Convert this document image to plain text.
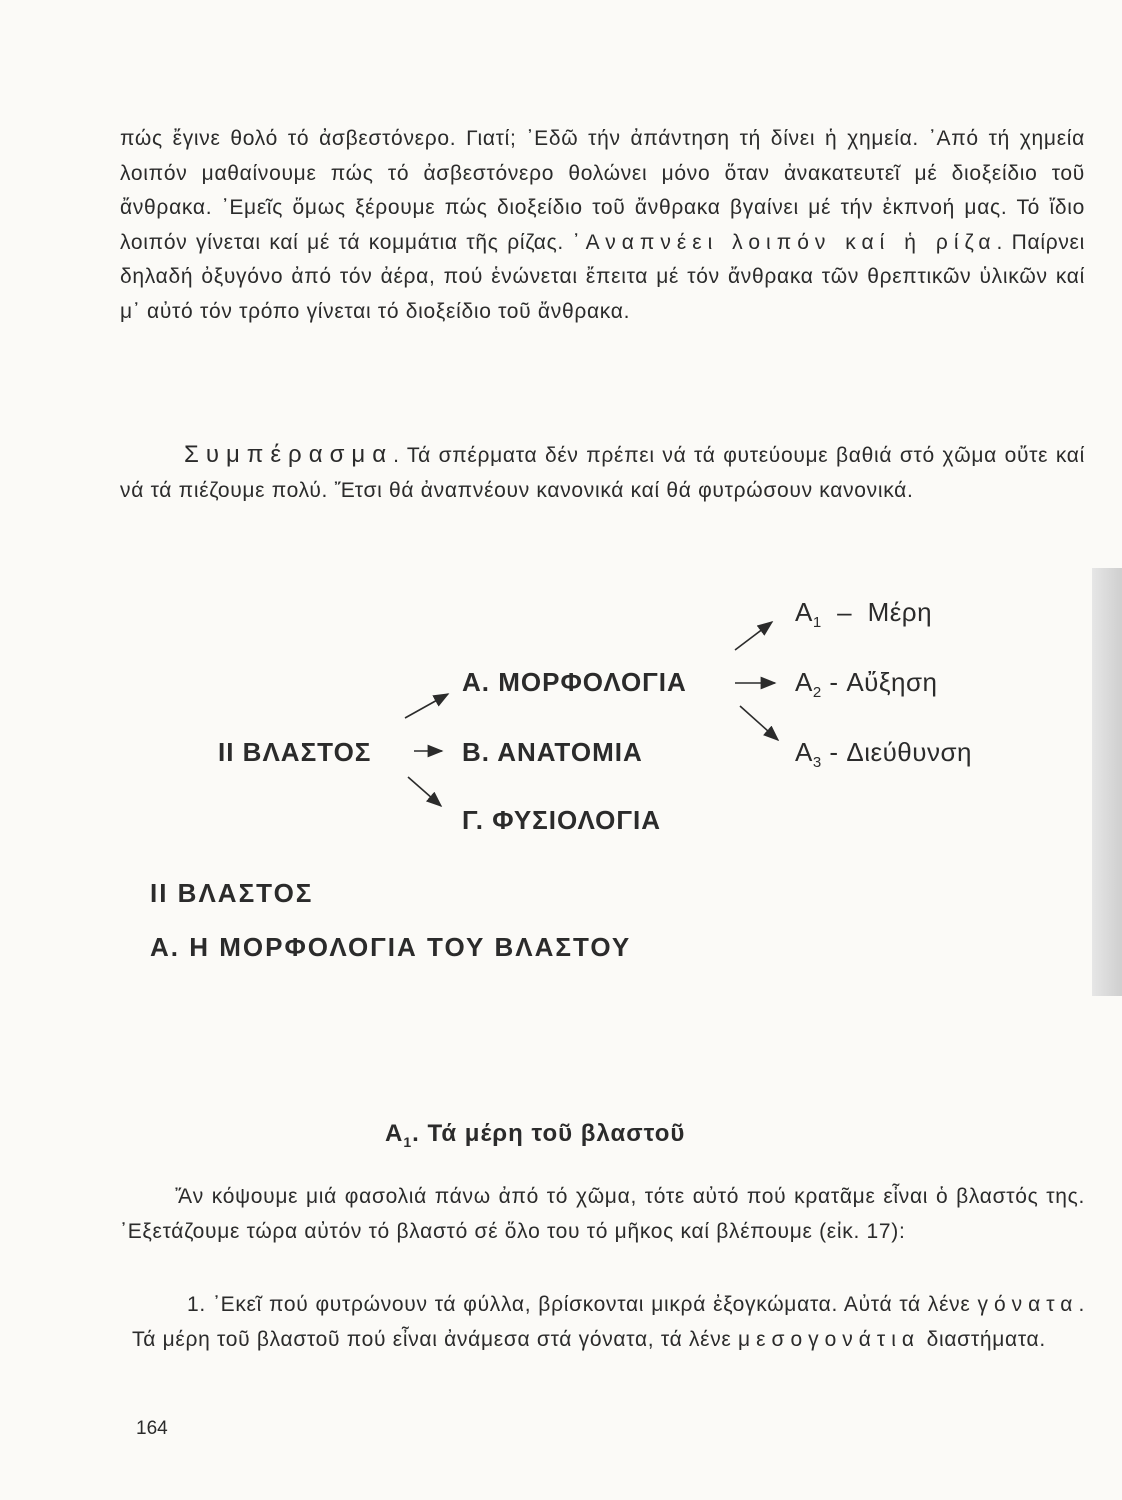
πώς ἔγινε θολό τό ἀσβεστόνερο. Γιατί; ᾿Εδῶ τήν ἀπάντηση τή δίνει ἡ χημεία. ᾿Από τή χημεία λοιπόν μαθαίνουμε πώς τό ἀσβεστόνερο θολώνει μόνο ὅταν ἀνακατευτεῖ μέ διοξείδιο τοῦ ἄνθρακα. ᾿Εμεῖς ὅμως ξέρουμε πώς διοξείδιο τοῦ ἄνθρακα βγαίνει μέ τήν ἐκπνοή μας. Τό ἴδιο λοιπόν γίνεται καί μέ τά κομμάτια τῆς ρίζας. ᾿Αναπνέει λοιπόν καί ἡ ρίζα. Παίρνει δηλαδή ὀξυγόνο ἀπό τόν ἀέρα, πού ἑνώνεται ἔπειτα μέ τόν ἄνθρακα τῶν θρεπτικῶν ὑλικῶν καί μ᾿ αὐτό τόν τρόπο γίνεται τό διοξείδιο τοῦ ἄνθρακα.

Συμπέρασμα. Τά σπέρματα δέν πρέπει νά τά φυτεύουμε βαθιά στό χῶμα οὔτε καί νά τά πιέζουμε πολύ. Ἔτσι θά ἀναπνέουν κανονικά καί θά φυτρώσουν κανονικά.

ΙΙ ΒΛΑΣΤΟΣ
Α. ΜΟΡΦΟΛΟΓΙΑ
Β. ΑΝΑΤΟΜΙΑ
Γ. ΦΥΣΙΟΛΟΓΙΑ
$A_1$ – Μέρη
$A_2$ - Αὔξηση
$A_3$ - Διεύθυνση
ΙΙ ΒΛΑΣΤΟΣ
Α. Η ΜΟΡΦΟΛΟΓΙΑ ΤΟΥ ΒΛΑΣΤΟΥ
$A_1$. Τά μέρη τοῦ βλαστοῦ

Ἄν κόψουμε μιά φασολιά πάνω ἀπό τό χῶμα, τότε αὐτό πού κρατᾶμε εἶναι ὁ βλαστός της. ᾿Εξετάζουμε τώρα αὐτόν τό βλαστό σέ ὅλο του τό μῆκος καί βλέπουμε (εἰκ. 17):

1. ᾿Εκεῖ πού φυτρώνουν τά φύλλα, βρίσκονται μικρά ἐξογκώματα. Αὐτά τά λένε γόνατα. Τά μέρη τοῦ βλαστοῦ πού εἶναι ἀνάμεσα στά γόνατα, τά λένε μεσογονάτια διαστήματα.

164
